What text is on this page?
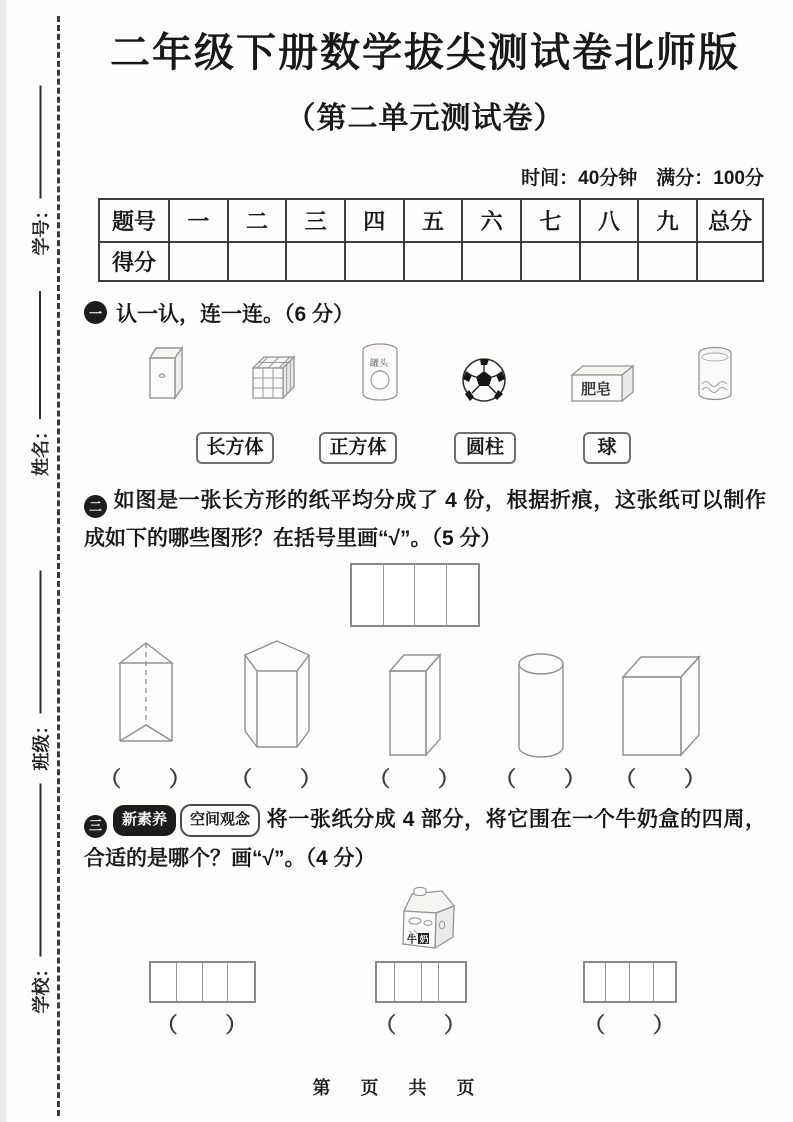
学号：
姓名：
班级：
学校：
二年级下册数学拔尖测试卷北师版
（第二单元测试卷）
时间：40分钟　满分：100分
题号	一	二	三	四	五	六	七	八	九	总分
得分										
一 认一认，连一连。（6 分）
罐头
肥皂
长方体	正方体	圆柱	球

二 如图是一张长方形的纸平均分成了 4 份，根据折痕，这张纸可以制作成如下的哪些图形？在括号里画“√”。（5 分）

（　　） （　　） （　　） （　　） （　　）

三 新素养 空间观念 将一张纸分成 4 部分，将它围在一个牛奶盒的四周，合适的是哪个？画“√”。（4 分）

牛 奶
（　　）	（　　）	（　　）
第　页　共　页
